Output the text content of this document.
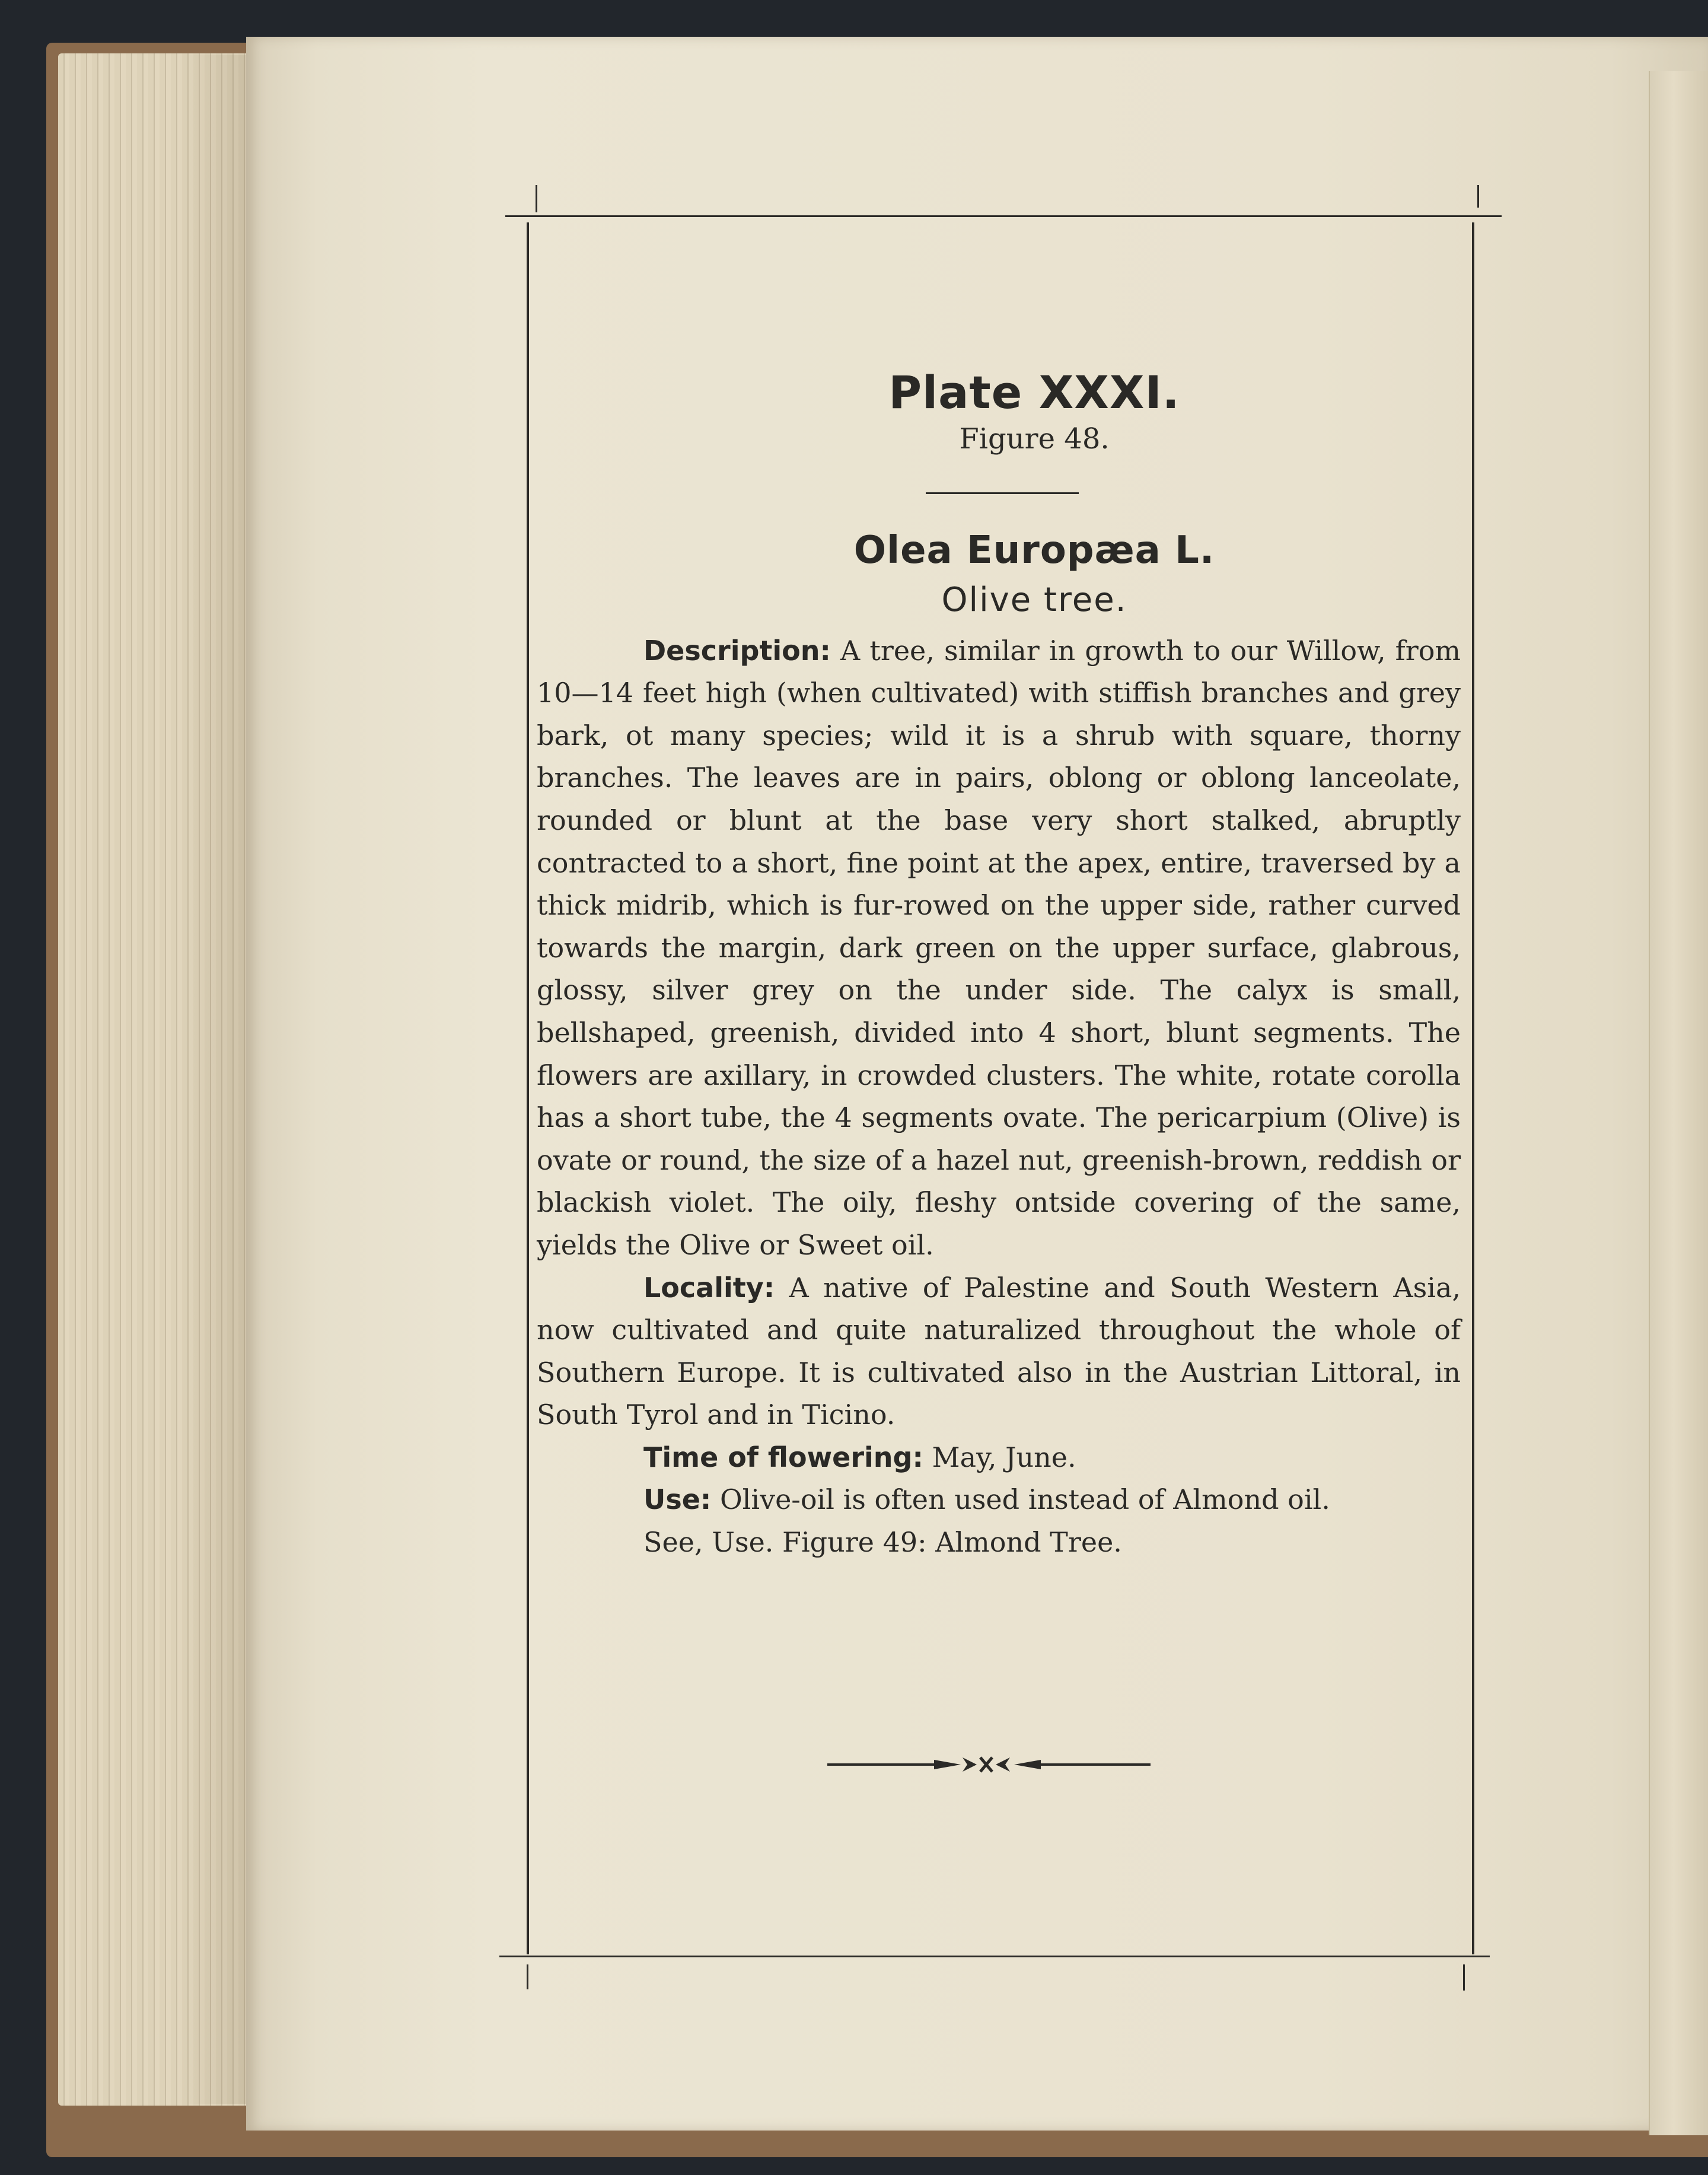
Plate XXXI.
Figure 48.
Olea Europæa L.
Olive tree.

Description: A tree, similar in growth to our Willow, from 10—14 feet high (when cultivated) with stiffish branches and grey bark, ot many species; wild it is a shrub with square, thorny branches. The leaves are in pairs, oblong or oblong lanceolate, rounded or blunt at the base very short stalked, abruptly contracted to a short, fine point at the apex, entire, traversed by a thick midrib, which is fur-rowed on the upper side, rather curved towards the margin, dark green on the upper surface, glabrous, glossy, silver grey on the under side. The calyx is small, bellshaped, greenish, divided into 4 short, blunt segments. The flowers are axillary, in crowded clusters. The white, rotate corolla has a short tube, the 4 segments ovate. The pericarpium (Olive) is ovate or round, the size of a hazel nut, greenish-brown, reddish or blackish violet. The oily, fleshy ontside covering of the same, yields the Olive or Sweet oil.

Locality: A native of Palestine and South Western Asia, now cultivated and quite naturalized throughout the whole of Southern Europe. It is cultivated also in the Austrian Littoral, in South Tyrol and in Ticino.

Time of flowering: May, June.

Use: Olive-oil is often used instead of Almond oil.

See, Use. Figure 49: Almond Tree.
